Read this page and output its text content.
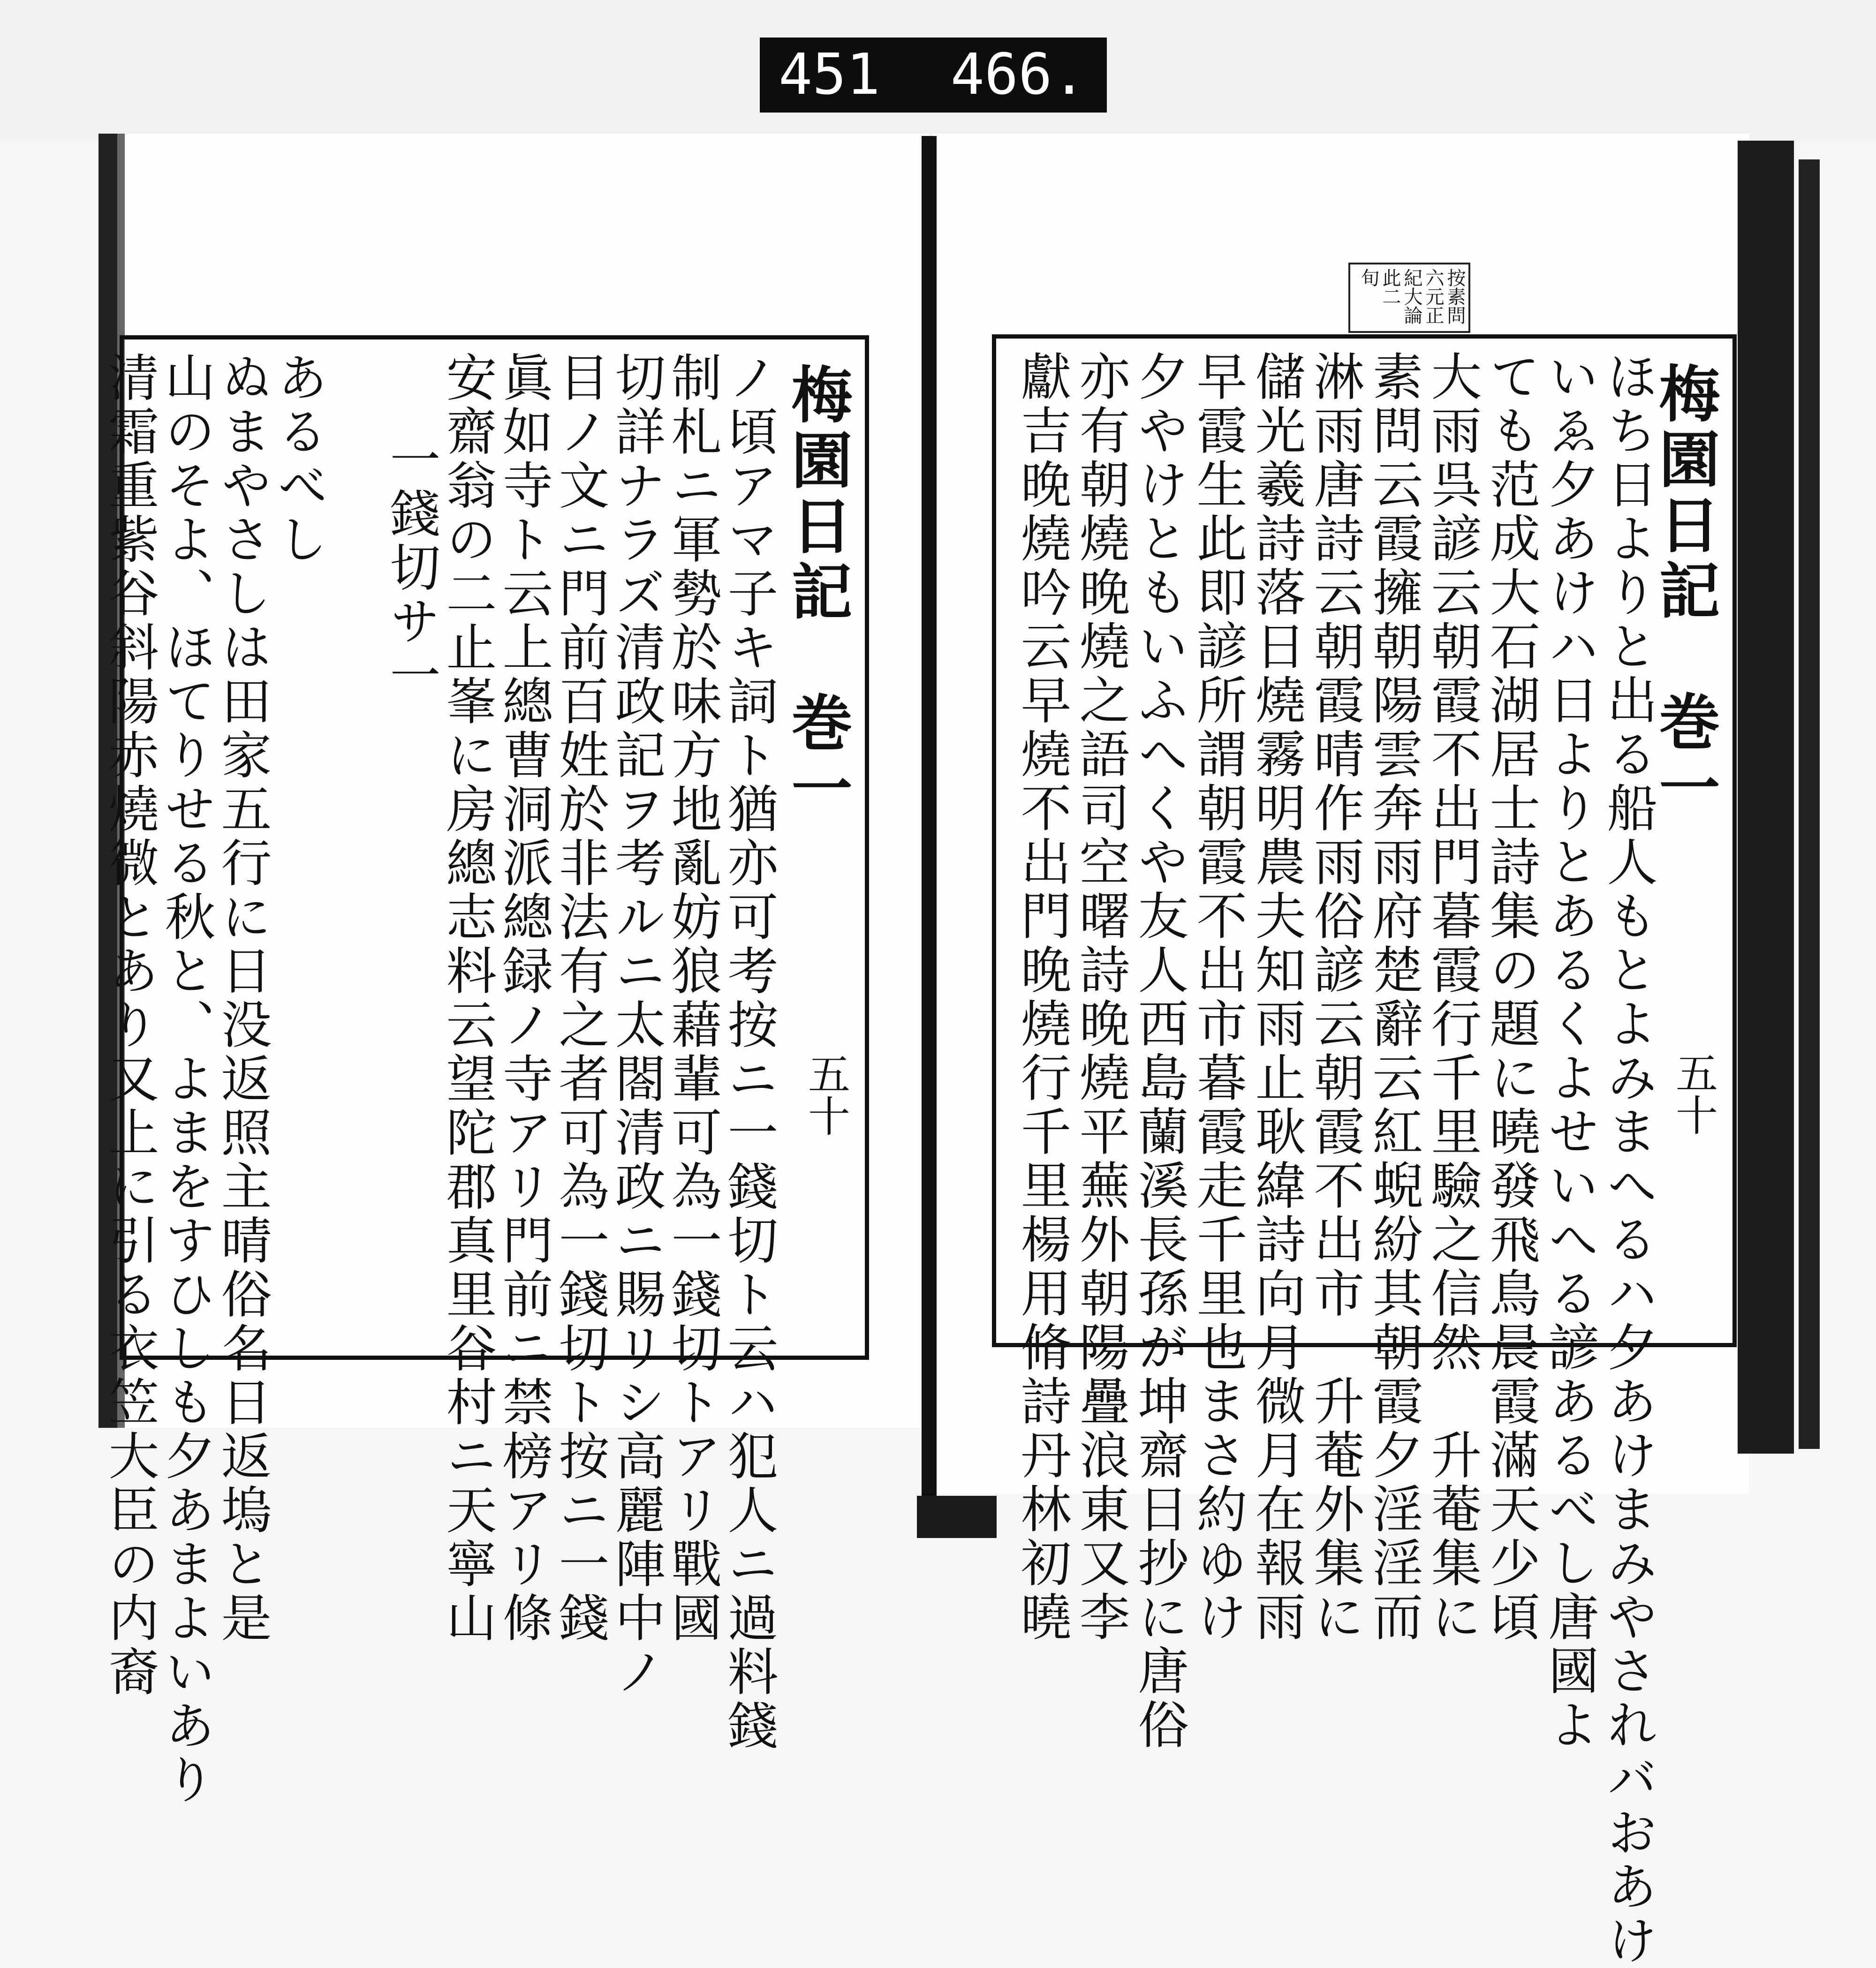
451 466.
梅園日記　巻一
五十
ノ頃アマ子キ詞ト猶亦可考按ニ一錢切ト云ハ犯人ニ過料錢
制札ニ軍勢於味方地亂妨狼藉輩可為一錢切トアリ戰國
切詳ナラズ清政記ヲ考ルニ太閤清政ニ賜リシ高麗陣中ノ
目ノ文ニ門前百姓於非法有之者可為一錢切ト按ニ一錢
眞如寺ト云上總曹洞派總録ノ寺アリ門前ニ禁榜アリ條
安齋翁の二止峯に房總志料云望陀郡真里谷村ニ天寧山
一錢切サ一
あるべし
ぬまやさしは田家五行に日没返照主晴俗名日返塢と是
山のそよ、ほてりせる秋と、よまをすひしも夕あまよいあり
清霜重紫谷斜陽赤燒微とあり又上に引る衣笠大臣の内裔
按素問
六元正
紀大論
此二
旬
梅園日記　巻一
五十
ほち日よりと出る船人もとよみまへるハ夕あけまみやされバおあけ
いゑ夕あけハ日よりとあるくよせいへる諺あるべし唐國よ
ても范成大石湖居士詩集の題に曉發飛鳥晨霞滿天少頃
大雨呉諺云朝霞不出門暮霞行千里驗之信然　升菴集に
素問云霞擁朝陽雲奔雨府楚辭云紅蜺紛其朝霞夕淫淫而
淋雨唐詩云朝霞晴作雨俗諺云朝霞不出市　升菴外集に
儲光羲詩落日燒霧明農夫知雨止耿緯詩向月微月在報雨
早霞生此即諺所謂朝霞不出市暮霞走千里也まさ約ゆけ
夕やけともいふへくや友人西島蘭溪長孫が坤齋日抄に唐俗
亦有朝燒晚燒之語司空曙詩晚燒平蕪外朝陽疊浪東又李
獻吉晚燒吟云早燒不出門晚燒行千里楊用脩詩丹林初曉
